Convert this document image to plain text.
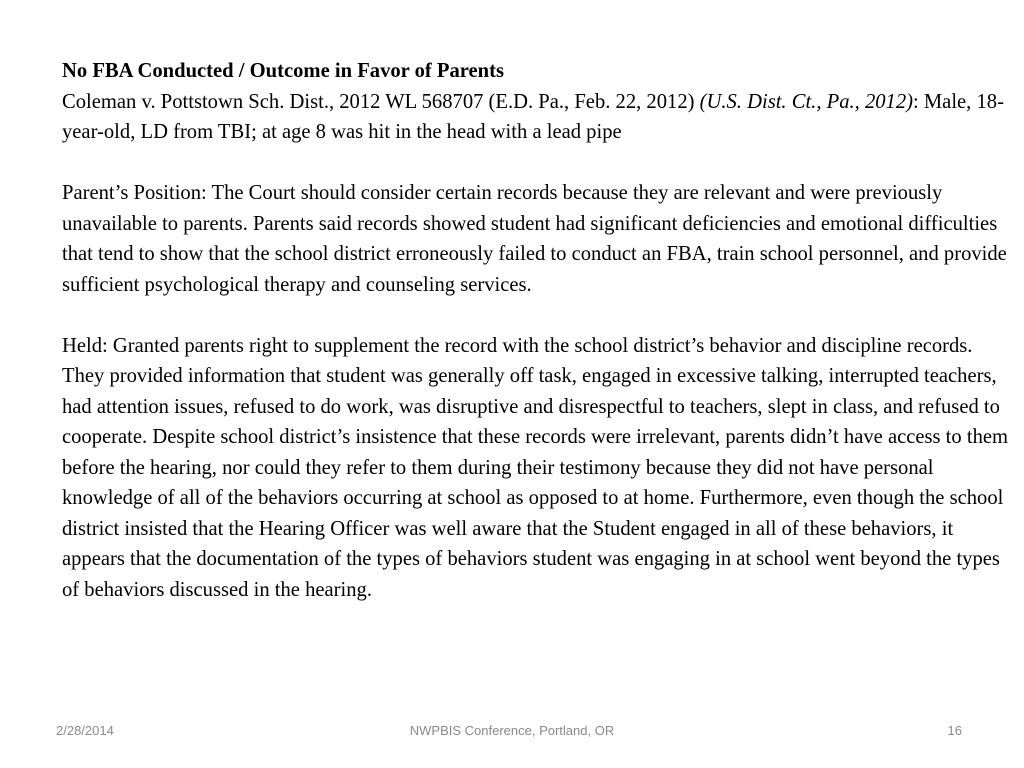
No FBA Conducted / Outcome in Favor of Parents

Coleman v. Pottstown Sch. Dist., 2012 WL 568707 (E.D. Pa., Feb. 22, 2012) (U.S. Dist. Ct., Pa., 2012): Male, 18-year-old, LD from TBI; at age 8 was hit in the head with a lead pipe

Parent’s Position: The Court should consider certain records because they are relevant and were previously unavailable to parents. Parents said records showed student had significant deficiencies and emotional difficulties that tend to show that the school district erroneously failed to conduct an FBA, train school personnel, and provide sufficient psychological therapy and counseling services.

Held: Granted parents right to supplement the record with the school district’s behavior and discipline records. They provided information that student was generally off task, engaged in excessive talking, interrupted teachers, had attention issues, refused to do work, was disruptive and disrespectful to teachers, slept in class, and refused to cooperate. Despite school district’s insistence that these records were irrelevant, parents didn’t have access to them before the hearing, nor could they refer to them during their testimony because they did not have personal knowledge of all of the behaviors occurring at school as opposed to at home. Furthermore, even though the school district insisted that the Hearing Officer was well aware that the Student engaged in all of these behaviors, it appears that the documentation of the types of behaviors student was engaging in at school went beyond the types of behaviors discussed in the hearing.

2/28/2014	NWPBIS Conference, Portland, OR	16
